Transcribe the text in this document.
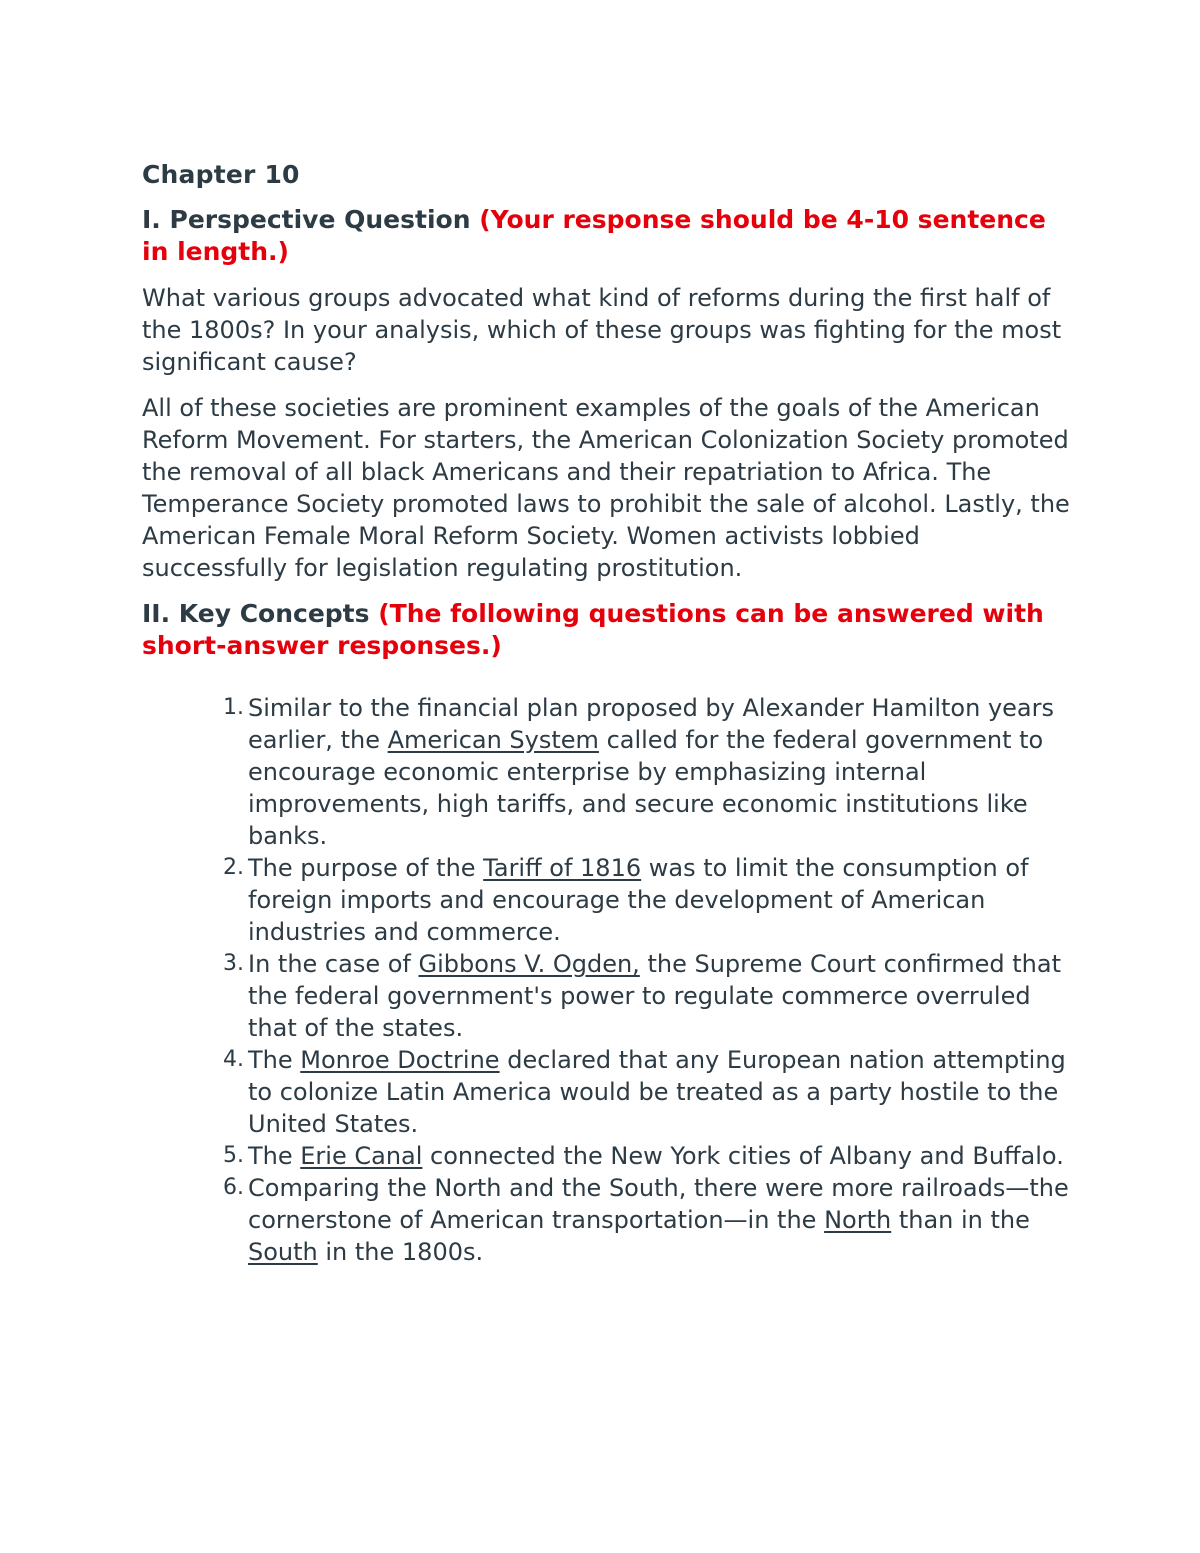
Chapter 10
I. Perspective Question (Your response should be 4-10 sentence in length.)

What various groups advocated what kind of reforms during the first half of the 1800s? In your analysis, which of these groups was fighting for the most significant cause?

All of these societies are prominent examples of the goals of the American Reform Movement. For starters, the American Colonization Society promoted the removal of all black Americans and their repatriation to Africa. The Temperance Society promoted laws to prohibit the sale of alcohol. Lastly, the American Female Moral Reform Society. Women activists lobbied successfully for legislation regulating prostitution.

II. Key Concepts (The following questions can be answered with short-answer responses.)
1. Similar to the financial plan proposed by Alexander Hamilton years earlier, the American System called for the federal government to encourage economic enterprise by emphasizing internal improvements, high tariffs, and secure economic institutions like banks.
2. The purpose of the Tariff of 1816 was to limit the consumption of foreign imports and encourage the development of American industries and commerce.
3. In the case of Gibbons V. Ogden, the Supreme Court confirmed that the federal government's power to regulate commerce overruled that of the states.
4. The Monroe Doctrine declared that any European nation attempting to colonize Latin America would be treated as a party hostile to the United States.
5. The Erie Canal connected the New York cities of Albany and Buffalo.
6. Comparing the North and the South, there were more railroads—the cornerstone of American transportation—in the North than in the South in the 1800s.
